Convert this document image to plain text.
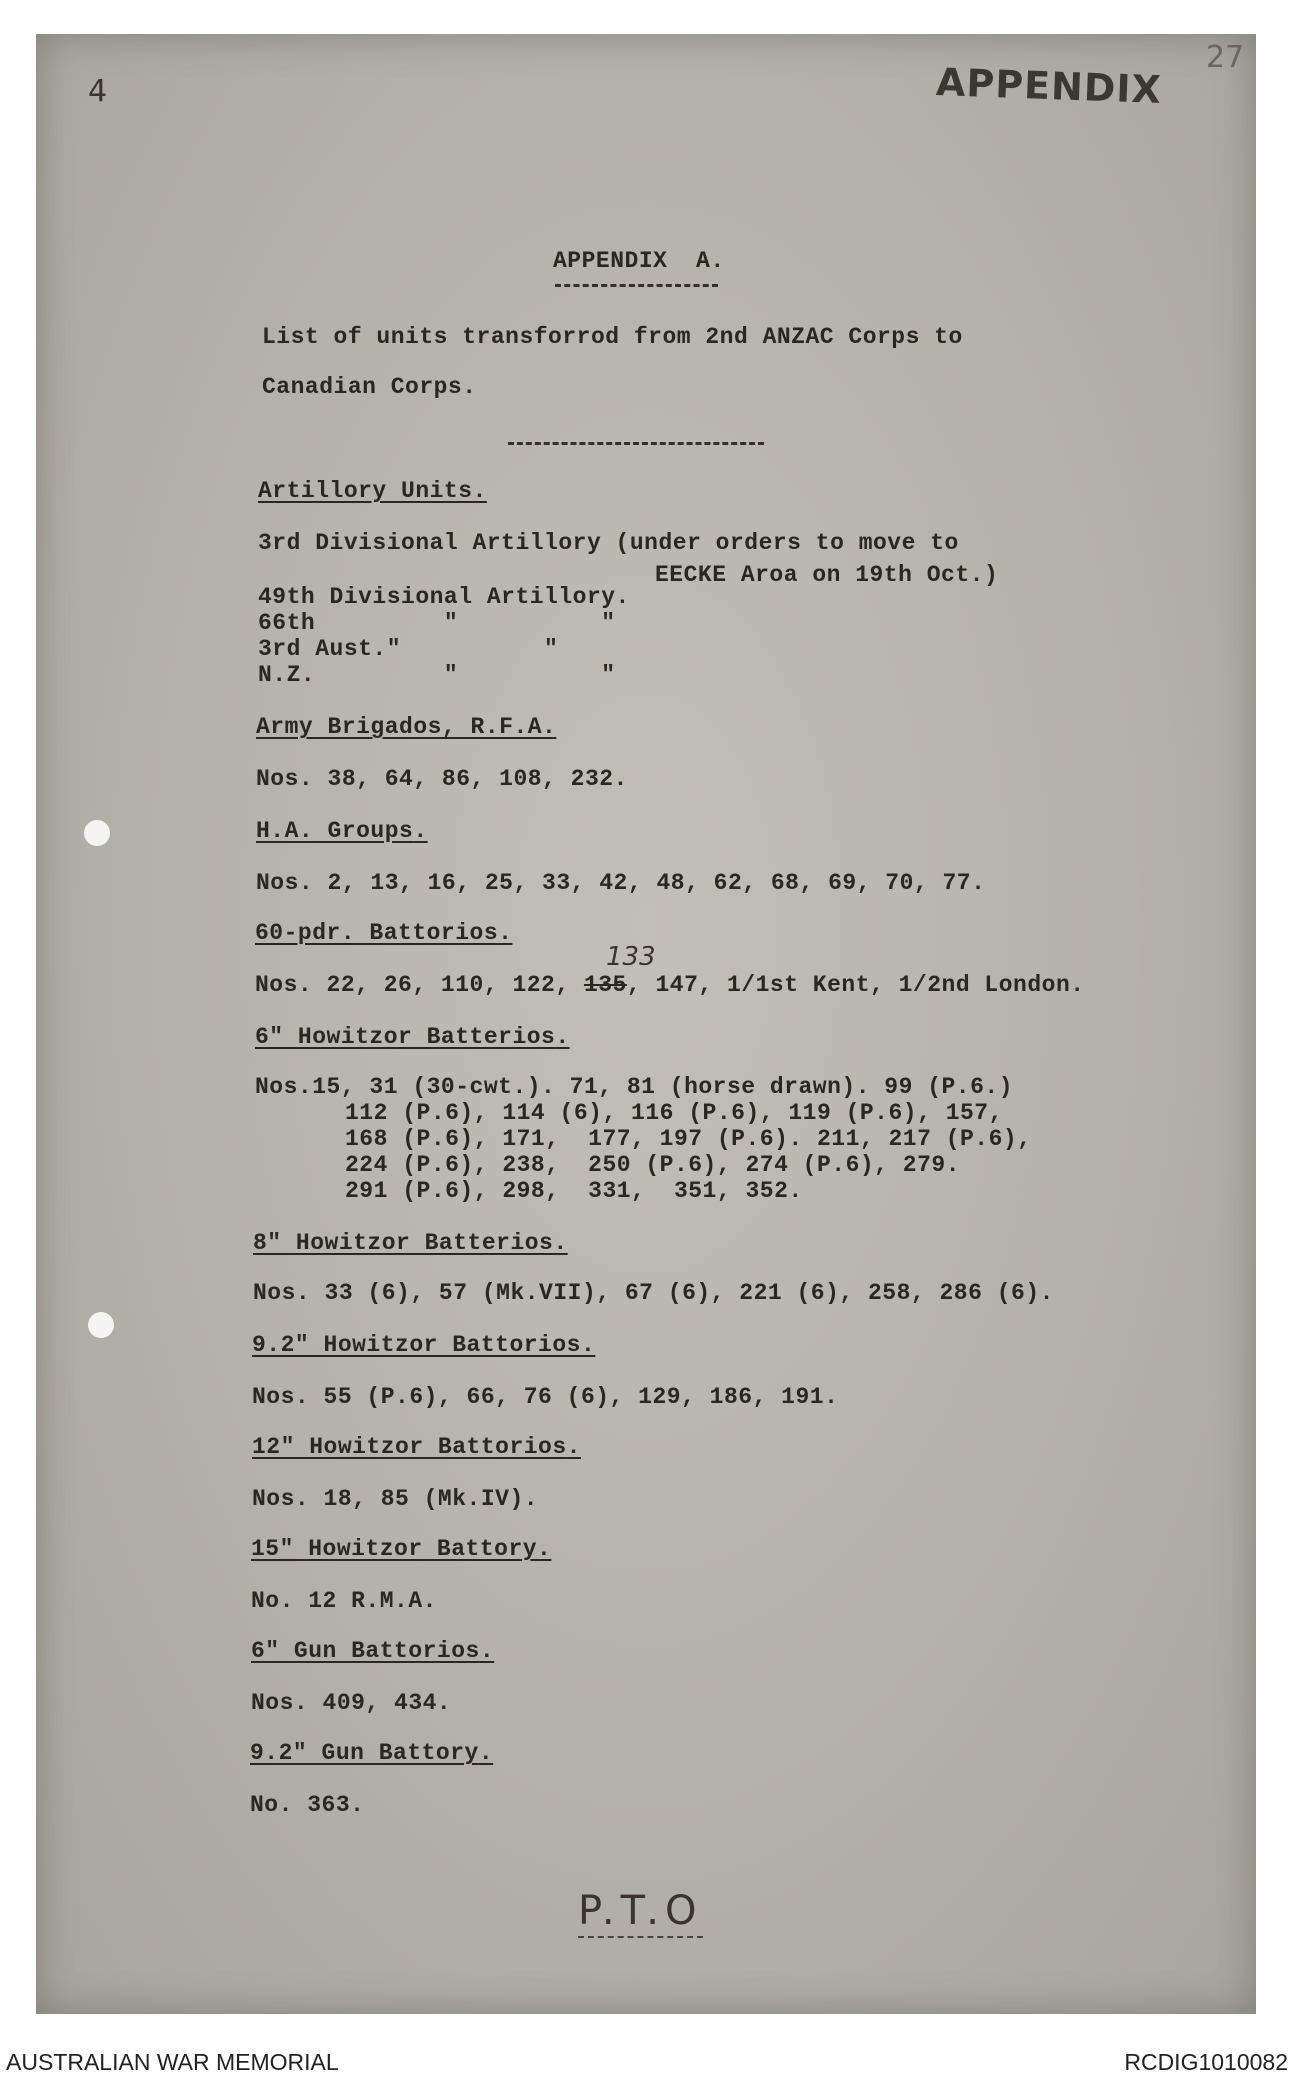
4
27
APPENDIX
APPENDIX  A.
List of units transforrod from 2nd ANZAC Corps to
Canadian Corps.
Artillory Units.
3rd Divisional Artillory (under orders to move to
EECKE Aroa on 19th Oct.)
49th Divisional Artillory.
66th         "          "
3rd Aust."          "
N.Z.         "          "
Army Brigados, R.F.A.
Nos. 38, 64, 86, 108, 232.
H.A. Groups.
Nos. 2, 13, 16, 25, 33, 42, 48, 62, 68, 69, 70, 77.
60-pdr. Battorios.
133
Nos. 22, 26, 110, 122, 135, 147, 1/1st Kent, 1/2nd London.
6" Howitzor Batterios.
Nos.15, 31 (30-cwt.). 71, 81 (horse drawn). 99 (P.6.)
112 (P.6), 114 (6), 116 (P.6), 119 (P.6), 157,
168 (P.6), 171,  177, 197 (P.6). 211, 217 (P.6),
224 (P.6), 238,  250 (P.6), 274 (P.6), 279.
291 (P.6), 298,  331,  351, 352.
8" Howitzor Batterios.
Nos. 33 (6), 57 (Mk.VII), 67 (6), 221 (6), 258, 286 (6).
9.2" Howitzor Battorios.
Nos. 55 (P.6), 66, 76 (6), 129, 186, 191.
12" Howitzor Battorios.
Nos. 18, 85 (Mk.IV).
15" Howitzor Battory.
No. 12 R.M.A.
6" Gun Battorios.
Nos. 409, 434.
9.2" Gun Battory.
No. 363.
P.T.O
AUSTRALIAN WAR MEMORIAL	RCDIG1010082
